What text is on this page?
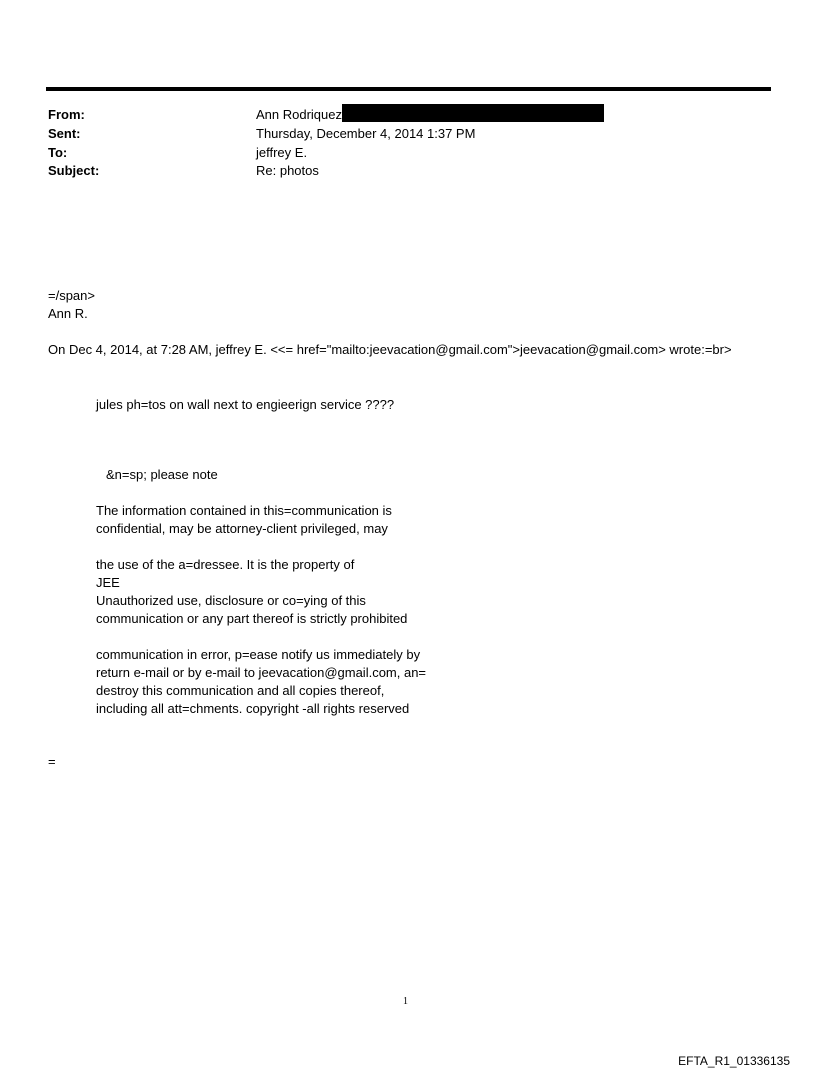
From:	Ann Rodriquez
Sent:	Thursday, December 4, 2014 1:37 PM
To:	jeffrey E.
Subject:	Re: photos
=/span>
Ann R.
On Dec 4, 2014, at 7:28 AM, jeffrey E. <<= href="mailto:jeevacation@gmail.com">jeevacation@gmail.com> wrote:=br>
jules ph=tos on wall next to engieerign service ????
&n=sp; please note
The information contained in this=communication is
confidential, may be attorney-client privileged, may
the use of the a=dressee. It is the property of
JEE
Unauthorized use, disclosure or co=ying of this
communication or any part thereof is strictly prohibited
communication in error, p=ease notify us immediately by
return e-mail or by e-mail to jeevacation@gmail.com, an=
destroy this communication and all copies thereof,
including all att=chments. copyright -all rights reserved
=
1
EFTA_R1_01336135
